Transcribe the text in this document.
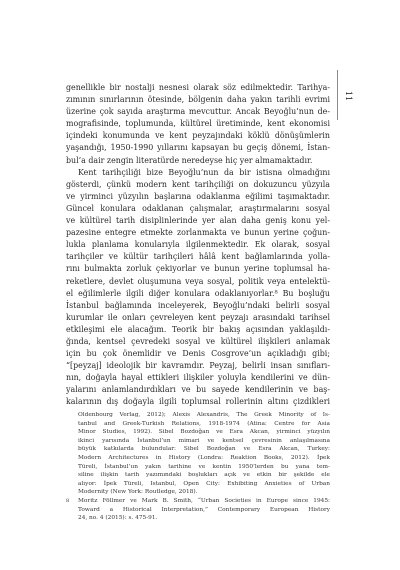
11
genellikle bir nostalji nesnesi olarak söz edilmektedir. Tarihya-
zımının sınırlarının ötesinde, bölgenin daha yakın tarihli evrimi
üzerine çok sayıda araştırma mevcuttur. Ancak Beyoğlu’nun de-
mografisinde, toplumunda, kültürel üretiminde, kent ekonomisi
içindeki konumunda ve kent peyzajındaki köklü dönüşümlerin
yaşandığı, 1950-1990 yıllarını kapsayan bu geçiş dönemi, İstan-
bul’a dair zengin literatürde neredeyse hiç yer almamaktadır.
Kent tarihçiliği bize Beyoğlu’nun da bir istisna olmadığını
gösterdi, çünkü modern kent tarihçiliği on dokuzuncu yüzyıla
ve yirminci yüzyılın başlarına odaklanma eğilimi taşımaktadır.
Güncel konulara odaklanan çalışmalar, araştırmalarını sosyal
ve kültürel tarih disiplinlerinde yer alan daha geniş konu yel-
pazesine entegre etmekte zorlanmakta ve bunun yerine çoğun-
lukla planlama konularıyla ilgilenmektedir. Ek olarak, sosyal
tarihçiler ve kültür tarihçileri hâlâ kent bağlamlarında yolla-
rını bulmakta zorluk çekiyorlar ve bunun yerine toplumsal ha-
reketlere, devlet oluşumuna veya sosyal, politik veya entelektü-
el eğilimlerle ilgili diğer konulara odaklanıyorlar.⁸ Bu boşluğu
İstanbul bağlamında inceleyerek, Beyoğlu’ndaki belirli sosyal
kurumlar ile onları çevreleyen kent peyzajı arasındaki tarihsel
etkileşimi ele alacağım. Teorik bir bakış açısından yaklaşıldı-
ğında, kentsel çevredeki sosyal ve kültürel ilişkileri anlamak
için bu çok önemlidir ve Denis Cosgrove’un açıkladığı gibi;
“[peyzaj] ideolojik bir kavramdır. Peyzaj, belirli insan sınıfları-
nın, doğayla hayal ettikleri ilişkiler yoluyla kendilerini ve dün-
yalarını anlamlandırdıkları ve bu sayede kendilerinin ve baş-
kalarının dış doğayla ilgili toplumsal rollerinin altını çizdikleri
Oldenbourg Verlag, 2012); Alexis Alexandris, The Greek Minority of Is-
tanbul and Greek-Turkish Relations, 1918-1974 (Atina: Centre for Asia
Minor Studies, 1992). Sibel Bozdoğan ve Esra Akcan, yirminci yüzyılın
ikinci yarısında İstanbul’un mimari ve kentsel çevresinin anlaşılmasına
büyük katkılarda bulundular: Sibel Bozdoğan ve Esra Akcan, Turkey:
Modern Architectures in History (Londra: Reaktion Books, 2012). İpek
Türeli, İstanbul’un yakın tarihine ve kentin 1950’lerden bu yana tem-
siline ilişkin tarih yazımındaki boşlukları açık ve etkin bir şekilde ele
alıyor: İpek Türeli, Istanbul, Open City: Exhibiting Anxieties of Urban
Modernity (New York: Routledge, 2018).
8 Moritz Föllmer ve Mark B. Smith, “Urban Societies in Europe since 1945:
Toward a Historical Interpretation,” Contemporary European History
24, no. 4 (2015): s. 475-91.
